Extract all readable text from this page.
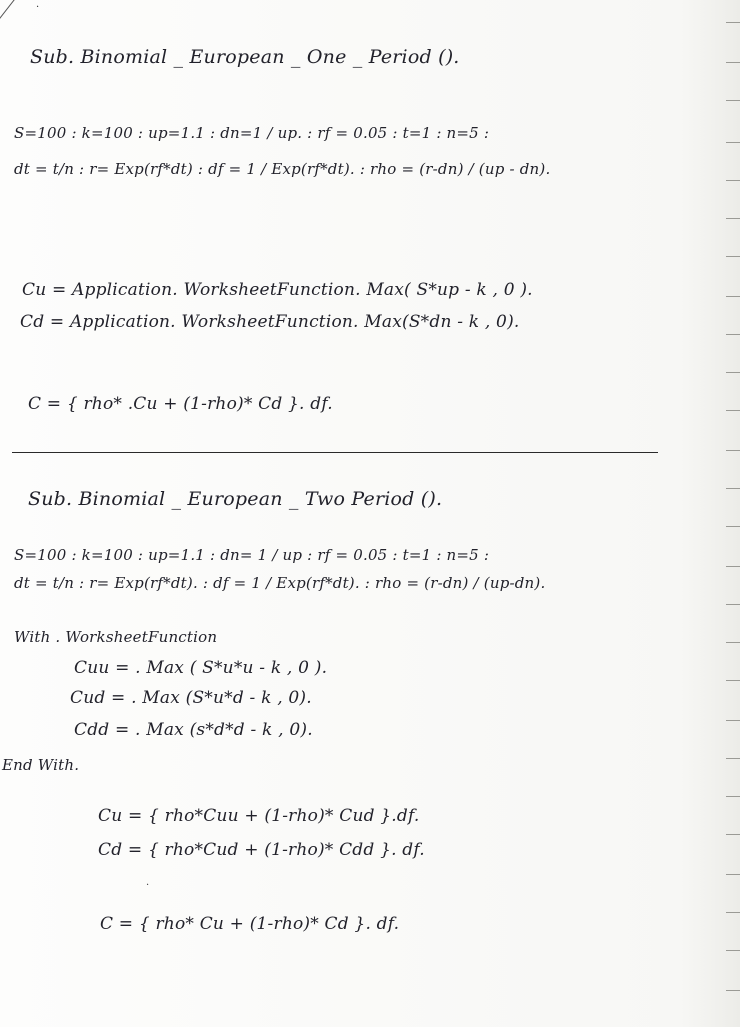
·
Sub. Binomial _ European _ One _ Period ().
S=100 : k=100 : up=1.1 : dn=1 / up. : rf = 0.05 : t=1 : n=5 :
dt = t/n : r= Exp(rf*dt) : df = 1 / Exp(rf*dt). : rho = (r-dn) / (up - dn).
Cu = Application. WorksheetFunction. Max( S*up - k , 0 ).
Cd = Application. WorksheetFunction. Max(S*dn - k , 0).
C = { rho* .Cu + (1-rho)* Cd }. df.
Sub. Binomial _ European _ Two Period ().
S=100 : k=100 : up=1.1 : dn= 1 / up : rf = 0.05 : t=1 : n=5 :
dt = t/n : r= Exp(rf*dt). : df = 1 / Exp(rf*dt). : rho = (r-dn) / (up-dn).
With . WorksheetFunction
Cuu = . Max ( S*u*u - k , 0 ).
Cud = . Max (S*u*d - k , 0).
Cdd = . Max (s*d*d - k , 0).
End With.
Cu = { rho*Cuu + (1-rho)* Cud }.df.
Cd = { rho*Cud + (1-rho)* Cdd }. df.
·
C = { rho* Cu + (1-rho)* Cd }. df.
